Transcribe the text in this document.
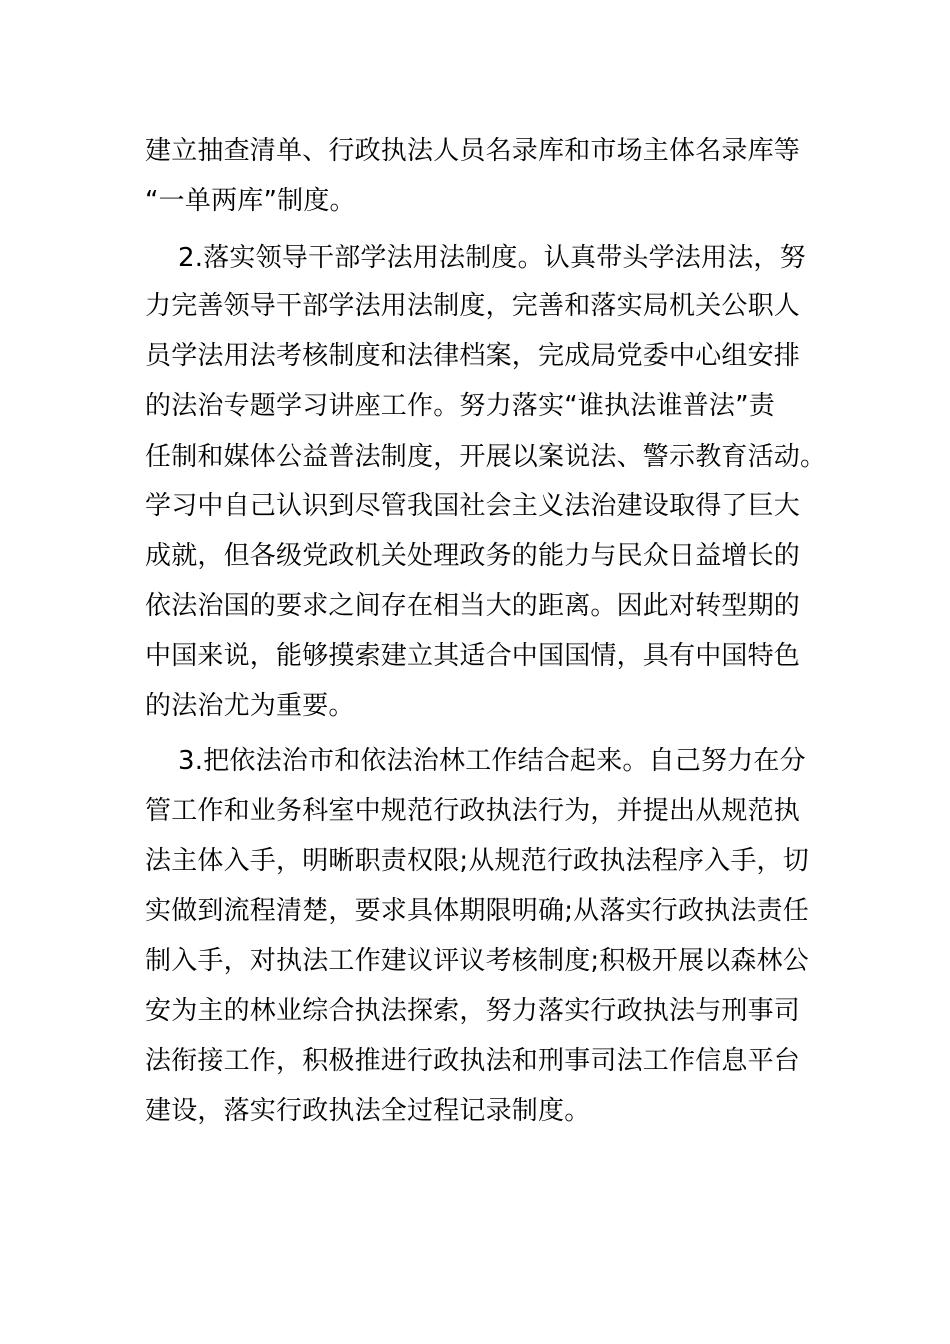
建立抽查清单、行政执法人员名录库和市场主体名录库等
“一单两库”制度。
2.落实领导干部学法用法制度。认真带头学法用法，努
力完善领导干部学法用法制度，完善和落实局机关公职人
员学法用法考核制度和法律档案，完成局党委中心组安排
的法治专题学习讲座工作。努力落实“谁执法谁普法”责
任制和媒体公益普法制度，开展以案说法、警示教育活动。
学习中自己认识到尽管我国社会主义法治建设取得了巨大
成就，但各级党政机关处理政务的能力与民众日益增长的
依法治国的要求之间存在相当大的距离。因此对转型期的
中国来说，能够摸索建立其适合中国国情，具有中国特色
的法治尤为重要。
3.把依法治市和依法治林工作结合起来。自己努力在分
管工作和业务科室中规范行政执法行为，并提出从规范执
法主体入手，明晰职责权限;从规范行政执法程序入手，切
实做到流程清楚，要求具体期限明确;从落实行政执法责任
制入手，对执法工作建议评议考核制度;积极开展以森林公
安为主的林业综合执法探索，努力落实行政执法与刑事司
法衔接工作，积极推进行政执法和刑事司法工作信息平台
建设，落实行政执法全过程记录制度。
